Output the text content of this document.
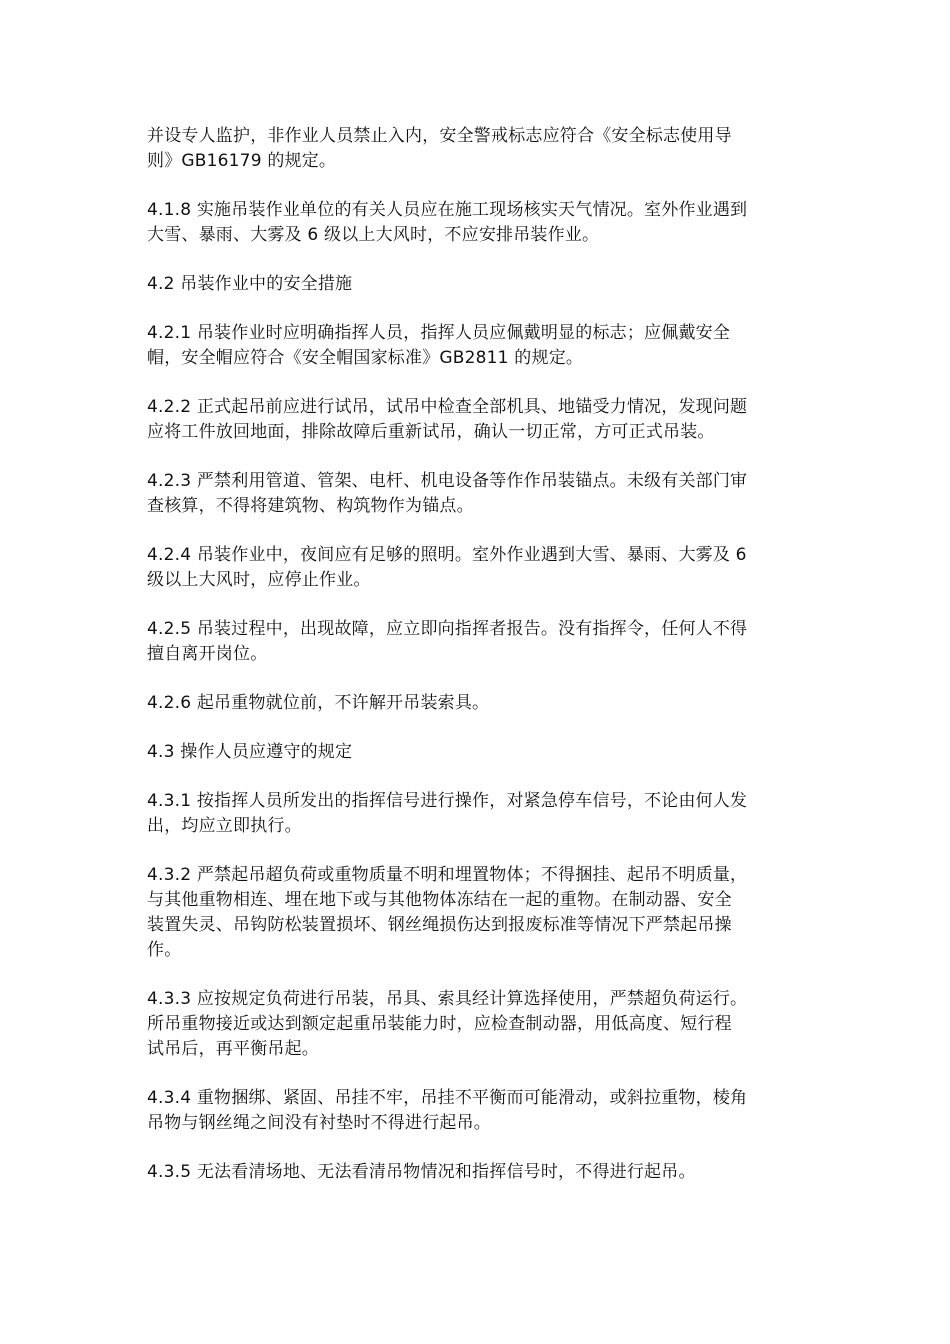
并设专人监护，非作业人员禁止入内，安全警戒标志应符合《安全标志使用导
则》GB16179 的规定。

4.1.8 实施吊装作业单位的有关人员应在施工现场核实天气情况。室外作业遇到
大雪、暴雨、大雾及 6 级以上大风时，不应安排吊装作业。

4.2 吊装作业中的安全措施

4.2.1 吊装作业时应明确指挥人员，指挥人员应佩戴明显的标志；应佩戴安全
帽，安全帽应符合《安全帽国家标准》GB2811 的规定。

4.2.2 正式起吊前应进行试吊，试吊中检查全部机具、地锚受力情况，发现问题
应将工件放回地面，排除故障后重新试吊，确认一切正常，方可正式吊装。

4.2.3 严禁利用管道、管架、电杆、机电设备等作作吊装锚点。未级有关部门审
查核算，不得将建筑物、构筑物作为锚点。

4.2.4 吊装作业中，夜间应有足够的照明。室外作业遇到大雪、暴雨、大雾及 6
级以上大风时，应停止作业。

4.2.5 吊装过程中，出现故障，应立即向指挥者报告。没有指挥令，任何人不得
擅自离开岗位。

4.2.6 起吊重物就位前，不许解开吊装索具。

4.3 操作人员应遵守的规定

4.3.1 按指挥人员所发出的指挥信号进行操作，对紧急停车信号，不论由何人发
出，均应立即执行。

4.3.2 严禁起吊超负荷或重物质量不明和埋置物体；不得捆挂、起吊不明质量，
与其他重物相连、埋在地下或与其他物体冻结在一起的重物。在制动器、安全
装置失灵、吊钩防松装置损坏、钢丝绳损伤达到报废标准等情况下严禁起吊操
作。

4.3.3 应按规定负荷进行吊装，吊具、索具经计算选择使用，严禁超负荷运行。
所吊重物接近或达到额定起重吊装能力时，应检查制动器，用低高度、短行程
试吊后，再平衡吊起。

4.3.4 重物捆绑、紧固、吊挂不牢，吊挂不平衡而可能滑动，或斜拉重物，棱角
吊物与钢丝绳之间没有衬垫时不得进行起吊。

4.3.5 无法看清场地、无法看清吊物情况和指挥信号时，不得进行起吊。
